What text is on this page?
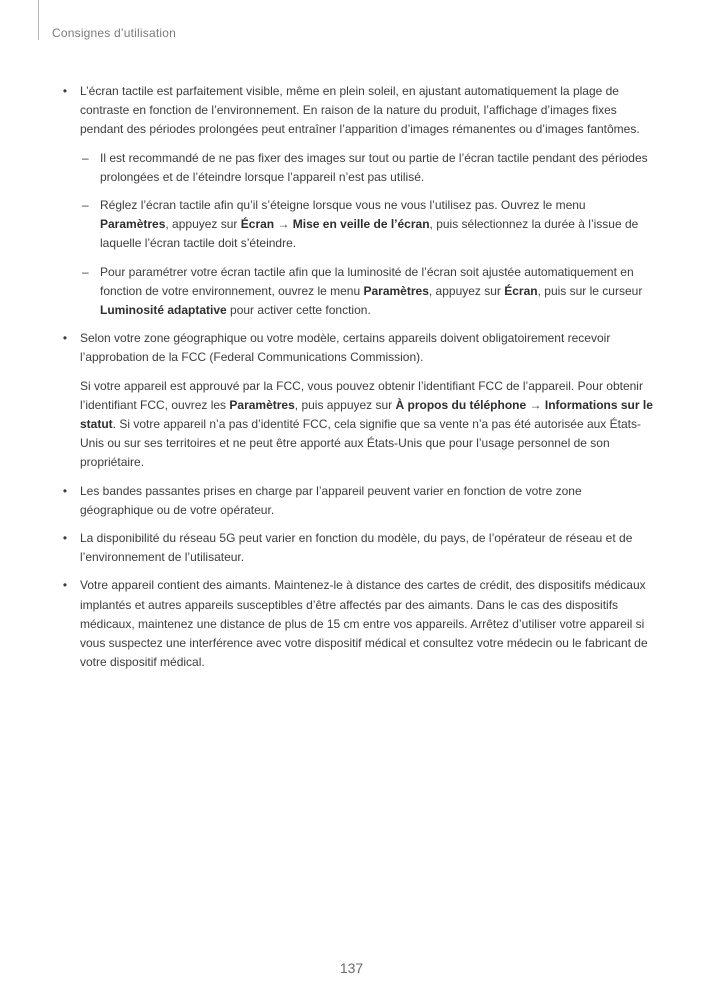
Consignes d’utilisation
•	L’écran tactile est parfaitement visible, même en plein soleil, en ajustant automatiquement la plage de contraste en fonction de l’environnement. En raison de la nature du produit, l’affichage d’images fixes pendant des périodes prolongées peut entraîner l’apparition d’images rémanentes ou d’images fantômes.
– Il est recommandé de ne pas fixer des images sur tout ou partie de l’écran tactile pendant des périodes prolongées et de l’éteindre lorsque l’appareil n’est pas utilisé.
– Réglez l’écran tactile afin qu’il s’éteigne lorsque vous ne vous l’utilisez pas. Ouvrez le menu Paramètres, appuyez sur Écran → Mise en veille de l’écran, puis sélectionnez la durée à l’issue de laquelle l’écran tactile doit s’éteindre.
– Pour paramétrer votre écran tactile afin que la luminosité de l’écran soit ajustée automatiquement en fonction de votre environnement, ouvrez le menu Paramètres, appuyez sur Écran, puis sur le curseur Luminosité adaptative pour activer cette fonction.
•	Selon votre zone géographique ou votre modèle, certains appareils doivent obligatoirement recevoir l’approbation de la FCC (Federal Communications Commission).
Si votre appareil est approuvé par la FCC, vous pouvez obtenir l’identifiant FCC de l’appareil. Pour obtenir l’identifiant FCC, ouvrez les Paramètres, puis appuyez sur À propos du téléphone → Informations sur le statut. Si votre appareil n’a pas d’identité FCC, cela signifie que sa vente n’a pas été autorisée aux États-Unis ou sur ses territoires et ne peut être apporté aux États-Unis que pour l’usage personnel de son propriétaire.
•	Les bandes passantes prises en charge par l’appareil peuvent varier en fonction de votre zone géographique ou de votre opérateur.
•	La disponibilité du réseau 5G peut varier en fonction du modèle, du pays, de l’opérateur de réseau et de l’environnement de l’utilisateur.
•	Votre appareil contient des aimants. Maintenez-le à distance des cartes de crédit, des dispositifs médicaux implantés et autres appareils susceptibles d’être affectés par des aimants. Dans le cas des dispositifs médicaux, maintenez une distance de plus de 15 cm entre vos appareils. Arrêtez d’utiliser votre appareil si vous suspectez une interférence avec votre dispositif médical et consultez votre médecin ou le fabricant de votre dispositif médical.
137
